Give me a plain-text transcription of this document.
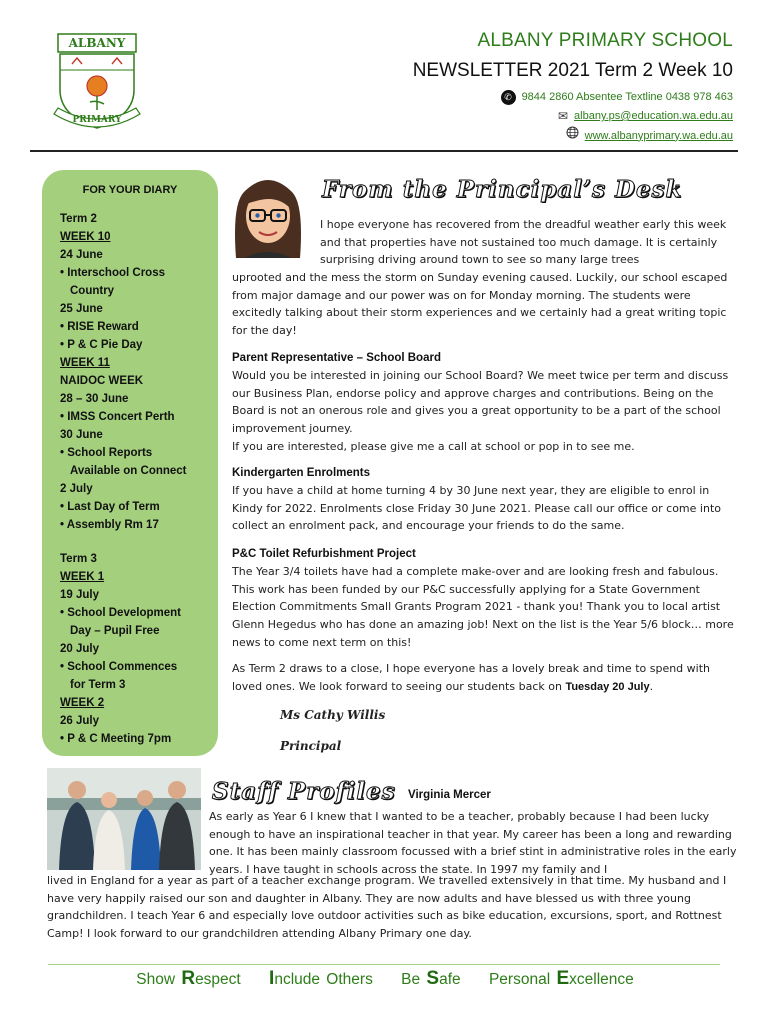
ALBANY
PRIMARY
ALBANY PRIMARY SCHOOL
NEWSLETTER 2021 Term 2 Week 10
✆ 9844 2860 Absentee Textline 0438 978 463
✉ albany.ps@education.wa.edu.au
www.albanyprimary.wa.edu.au
FOR YOUR DIARY
Term 2
WEEK 10
24 June
• Interschool Cross
Country
25 June
• RISE Reward
• P & C Pie Day
WEEK 11
NAIDOC WEEK
28 – 30 June
• IMSS Concert Perth
30 June
• School Reports
Available on Connect
2 July
• Last Day of Term
• Assembly Rm 17
Term 3
WEEK 1
19 July
• School Development
Day – Pupil Free
20 July
• School Commences
for Term 3
WEEK 2
26 July
• P & C Meeting 7pm
From the Principal’s Desk
I hope everyone has recovered from the dreadful weather early this week and that properties have not sustained too much damage. It is certainly surprising driving around town to see so many large trees
uprooted and the mess the storm on Sunday evening caused. Luckily, our school escaped from major damage and our power was on for Monday morning. The students were excitedly talking about their storm experiences and we certainly had a great writing topic for the day!
Parent Representative – School Board
Would you be interested in joining our School Board? We meet twice per term and discuss our Business Plan, endorse policy and approve charges and contributions. Being on the Board is not an onerous role and gives you a great opportunity to be a part of the school improvement journey.
If you are interested, please give me a call at school or pop in to see me.
Kindergarten Enrolments
If you have a child at home turning 4 by 30 June next year, they are eligible to enrol in Kindy for 2022. Enrolments close Friday 30 June 2021. Please call our office or come into collect an enrolment pack, and encourage your friends to do the same.
P&C Toilet Refurbishment Project
The Year 3/4 toilets have had a complete make-over and are looking fresh and fabulous. This work has been funded by our P&C successfully applying for a State Government Election Commitments Small Grants Program 2021 - thank you! Thank you to local artist Glenn Hegedus who has done an amazing job! Next on the list is the Year 5/6 block… more news to come next term on this!
As Term 2 draws to a close, I hope everyone has a lovely break and time to spend with loved ones. We look forward to seeing our students back on Tuesday 20 July.
Ms Cathy Willis
Principal
Staff Profiles Virginia Mercer
As early as Year 6 I knew that I wanted to be a teacher, probably because I had been lucky enough to have an inspirational teacher in that year. My career has been a long and rewarding one. It has been mainly classroom focussed with a brief stint in administrative roles in the early years. I have taught in schools across the state. In 1997 my family and I
lived in England for a year as part of a teacher exchange program. We travelled extensively in that time. My husband and I have very happily raised our son and daughter in Albany. They are now adults and have blessed us with three young grandchildren. I teach Year 6 and especially love outdoor activities such as bike education, excursions, sport, and Rottnest Camp! I look forward to our grandchildren attending Albany Primary one day.
Show Respect Include Others Be Safe Personal Excellence
